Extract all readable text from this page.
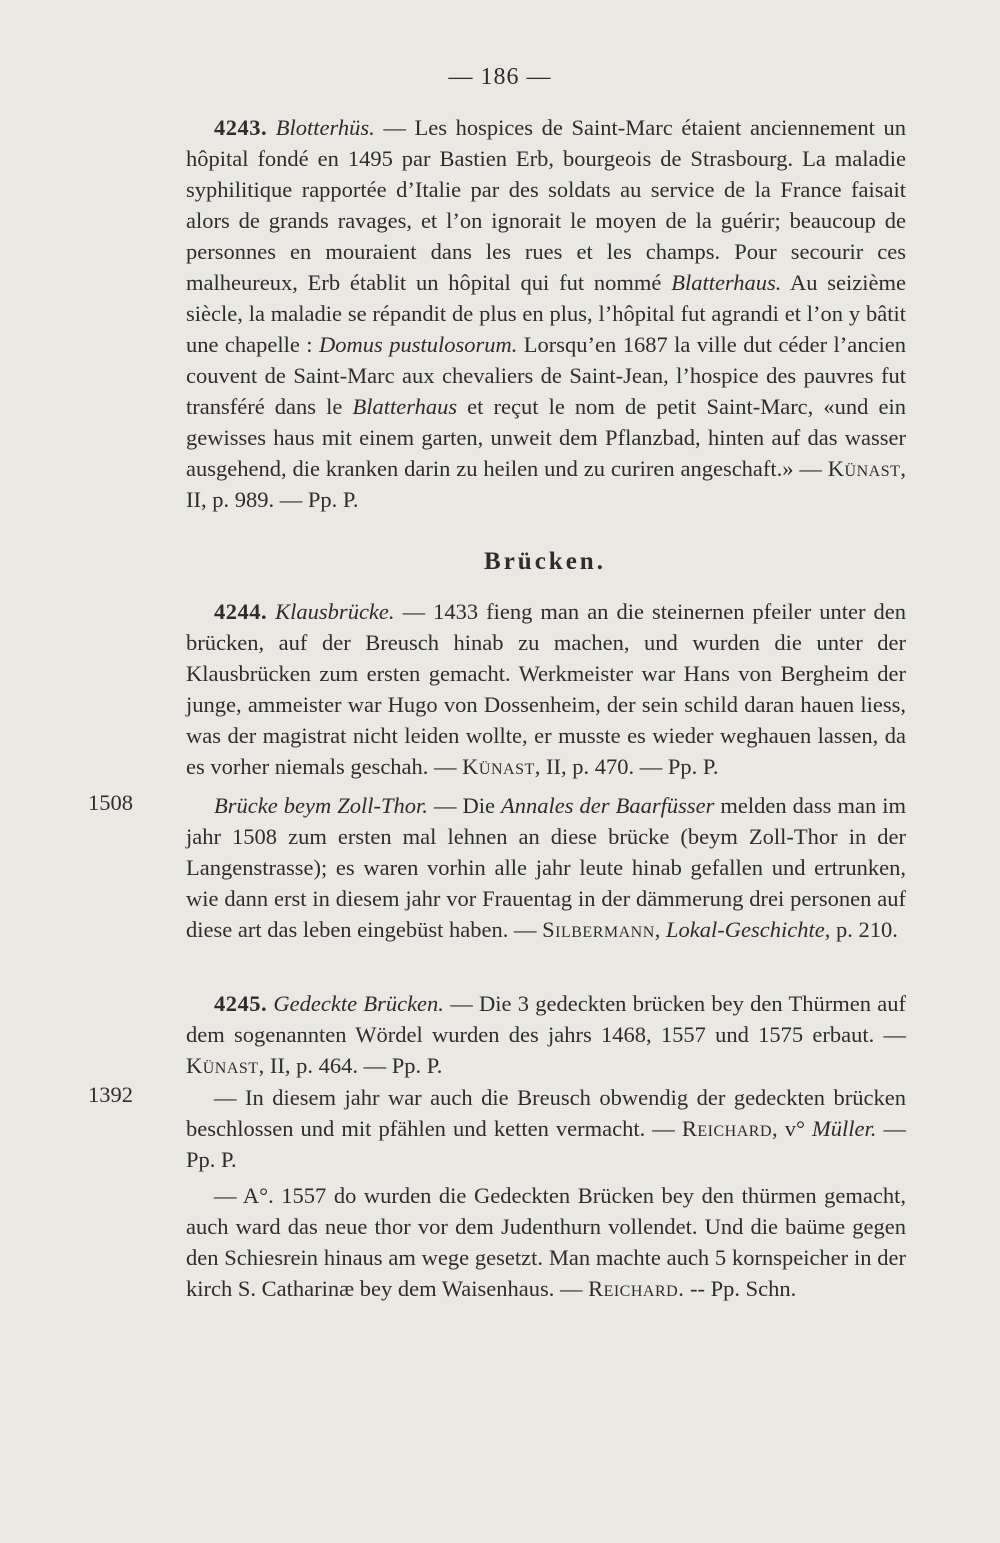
— 186 —

4243. Blotterhüs. — Les hospices de Saint-Marc étaient anciennement un hôpital fondé en 1495 par Bastien Erb, bourgeois de Strasbourg. La maladie syphilitique rapportée d’Italie par des soldats au service de la France faisait alors de grands ravages, et l’on ignorait le moyen de la guérir; beaucoup de personnes en mouraient dans les rues et les champs. Pour secourir ces malheureux, Erb établit un hôpital qui fut nommé Blatterhaus. Au seizième siècle, la maladie se répandit de plus en plus, l’hôpital fut agrandi et l’on y bâtit une chapelle : Domus pustulosorum. Lorsqu’en 1687 la ville dut céder l’ancien couvent de Saint-Marc aux chevaliers de Saint-Jean, l’hospice des pauvres fut transféré dans le Blatterhaus et reçut le nom de petit Saint-Marc, «und ein gewisses haus mit einem garten, unweit dem Pflanzbad, hinten auf das wasser ausgehend, die kranken darin zu heilen und zu curiren angeschaft.» — Künast, II, p. 989. — Pp. P.

Brücken.

4244. Klausbrücke. — 1433 fieng man an die steinernen pfeiler unter den brücken, auf der Breusch hinab zu machen, und wurden die unter der Klausbrücken zum ersten gemacht. Werkmeister war Hans von Bergheim der junge, ammeister war Hugo von Dossenheim, der sein schild daran hauen liess, was der magistrat nicht leiden wollte, er musste es wieder weghauen lassen, da es vorher niemals geschah. — Künast, II, p. 470. — Pp. P.

1508	Brücke beym Zoll-Thor. — Die Annales der Baarfüsser melden dass man im jahr 1508 zum ersten mal lehnen an diese brücke (beym Zoll-Thor in der Langenstrasse); es waren vorhin alle jahr leute hinab gefallen und ertrunken, wie dann erst in diesem jahr vor Frauentag in der dämmerung drei personen auf diese art das leben eingebüst haben. — Silbermann, Lokal-Geschichte, p. 210.

4245. Gedeckte Brücken. — Die 3 gedeckten brücken bey den Thürmen auf dem sogenannten Wördel wurden des jahrs 1468, 1557 und 1575 erbaut. — Künast, II, p. 464. — Pp. P.

1392	— In diesem jahr war auch die Breusch obwendig der gedeckten brücken beschlossen und mit pfählen und ketten vermacht. — Reichard, v° Müller. — Pp. P.

— A°. 1557 do wurden die Gedeckten Brücken bey den thürmen gemacht, auch ward das neue thor vor dem Judenthurn vollendet. Und die baüme gegen den Schiesrein hinaus am wege gesetzt. Man machte auch 5 kornspeicher in der kirch S. Catharinæ bey dem Waisenhaus. — Reichard. -- Pp. Schn.
